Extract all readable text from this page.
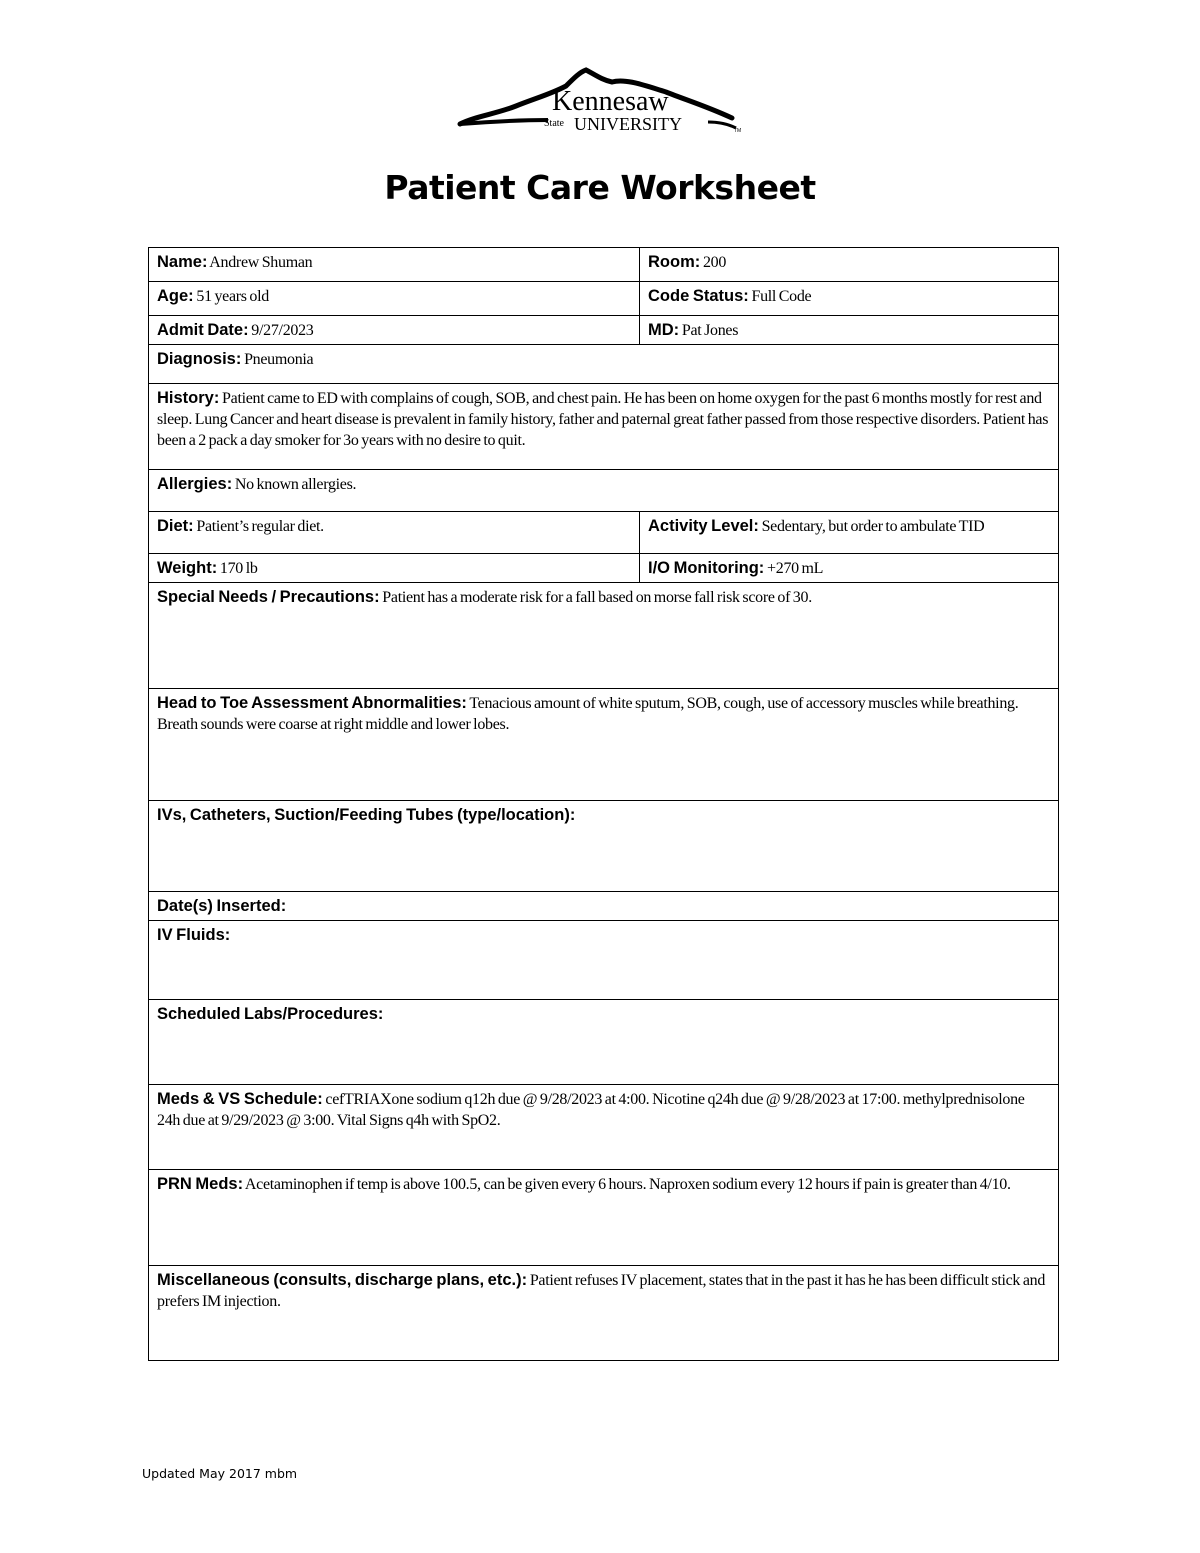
Kennesaw
State UNIVERSITY	TM
Patient Care Worksheet
Name: Andrew Shuman	Room: 200
Age: 51 years old	Code Status: Full Code
Admit Date: 9/27/2023	MD: Pat Jones
Diagnosis: Pneumonia	
History: Patient came to ED with complains of cough, SOB, and chest pain. He has been on home oxygen for the past 6 months mostly for rest and sleep. Lung Cancer and heart disease is prevalent in family history, father and paternal great father passed from those respective disorders. Patient has been a 2 pack a day smoker for 3o years with no desire to quit.	
Allergies: No known allergies.	
Diet: Patient’s regular diet.	Activity Level: Sedentary, but order to ambulate TID
Weight: 170 lb	I/O Monitoring: +270 mL
Special Needs / Precautions: Patient has a moderate risk for a fall based on morse fall risk score of 30.	
Head to Toe Assessment Abnormalities: Tenacious amount of white sputum, SOB, cough, use of accessory muscles while breathing. Breath sounds were coarse at right middle and lower lobes.	
IVs, Catheters, Suction/Feeding Tubes (type/location):	
Date(s) Inserted:	
IV Fluids:	
Scheduled Labs/Procedures:	
Meds & VS Schedule: cefTRIAXone sodium q12h due @ 9/28/2023 at 4:00. Nicotine q24h due @ 9/28/2023 at 17:00. methylprednisolone 24h due at 9/29/2023 @ 3:00. Vital Signs q4h with SpO2.	
PRN Meds: Acetaminophen if temp is above 100.5, can be given every 6 hours. Naproxen sodium every 12 hours if pain is greater than 4/10.	
Miscellaneous (consults, discharge plans, etc.): Patient refuses IV placement, states that in the past it has he has been difficult stick and prefers IM injection.	
Updated May 2017 mbm
